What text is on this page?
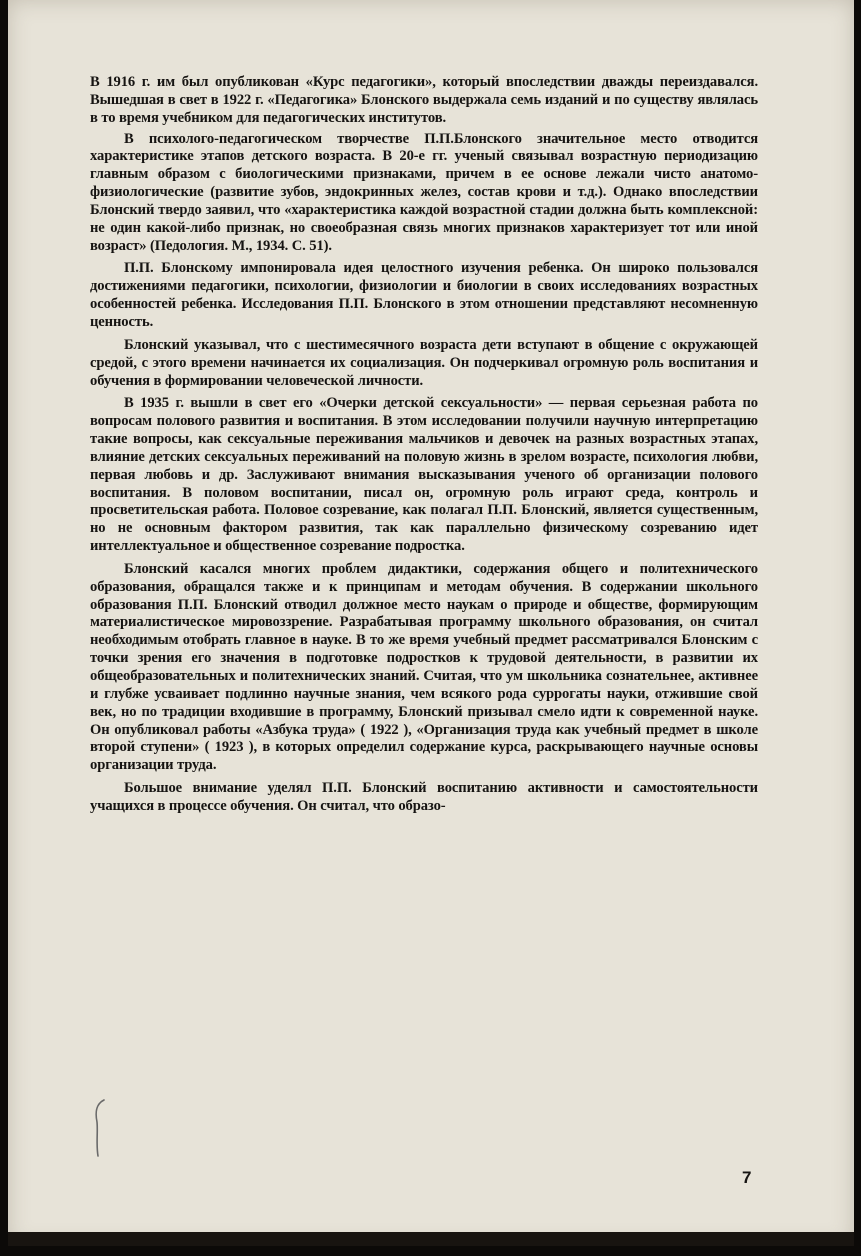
В 1916 г. им был опубликован «Курс педагогики», который впоследствии дважды переиздавался. Вышедшая в свет в 1922 г. «Педагогика» Блонского выдержала семь изданий и по существу являлась в то время учебником для педагогических институтов.

В психолого-педагогическом творчестве П.П.Блонского значительное место отводится характеристике этапов детского возраста. В 20-е гг. ученый связывал возрастную периодизацию главным образом с биологическими признаками, причем в ее основе лежали чисто анатомо-физиологические (развитие зубов, эндокринных желез, состав крови и т.д.). Однако впоследствии Блонский твердо заявил, что «характеристика каждой возрастной стадии должна быть комплексной: не один какой-либо признак, но своеобразная связь многих признаков характеризует тот или иной возраст» (Педология. М., 1934. С. 51).

П.П. Блонскому импонировала идея целостного изучения ребенка. Он широко пользовался достижениями педагогики, психологии, физиологии и биологии в своих исследованиях возрастных особенностей ребенка. Исследования П.П. Блонского в этом отношении представляют несомненную ценность.

Блонский указывал, что с шестимесячного возраста дети вступают в общение с окружающей средой, с этого времени начинается их социализация. Он подчеркивал огромную роль воспитания и обучения в формировании человеческой личности.

В 1935 г. вышли в свет его «Очерки детской сексуальности» — первая серьезная работа по вопросам полового развития и воспитания. В этом исследовании получили научную интерпретацию такие вопросы, как сексуальные переживания мальчиков и девочек на разных возрастных этапах, влияние детских сексуальных переживаний на половую жизнь в зрелом возрасте, психология любви, первая любовь и др. Заслуживают внимания высказывания ученого об организации полового воспитания. В половом воспитании, писал он, огромную роль играют среда, контроль и просветительская работа. Половое созревание, как полагал П.П. Блонский, является существенным, но не основным фактором развития, так как параллельно физическому созреванию идет интеллектуальное и общественное созревание подростка.

Блонский касался многих проблем дидактики, содержания общего и политехнического образования, обращался также и к принципам и методам обучения. В содержании школьного образования П.П. Блонский отводил должное место наукам о природе и обществе, формирующим материалистическое мировоззрение. Разрабатывая программу школьного образования, он считал необходимым отобрать главное в науке. В то же время учебный предмет рассматривался Блонским с точки зрения его значения в подготовке подростков к трудовой деятельности, в развитии их общеобразовательных и политехнических знаний. Считая, что ум школьника сознательнее, активнее и глубже усваивает подлинно научные знания, чем всякого рода суррогаты науки, отжившие свой век, но по традиции входившие в программу, Блонский призывал смело идти к современной науке. Он опубликовал работы «Азбука труда» ( 1922 ), «Организация труда как учебный предмет в школе второй ступени» ( 1923 ), в которых определил содержание курса, раскрывающего научные основы организации труда.

Большое внимание уделял П.П. Блонский воспитанию активности и самостоятельности учащихся в процессе обучения. Он считал, что образо-

7
